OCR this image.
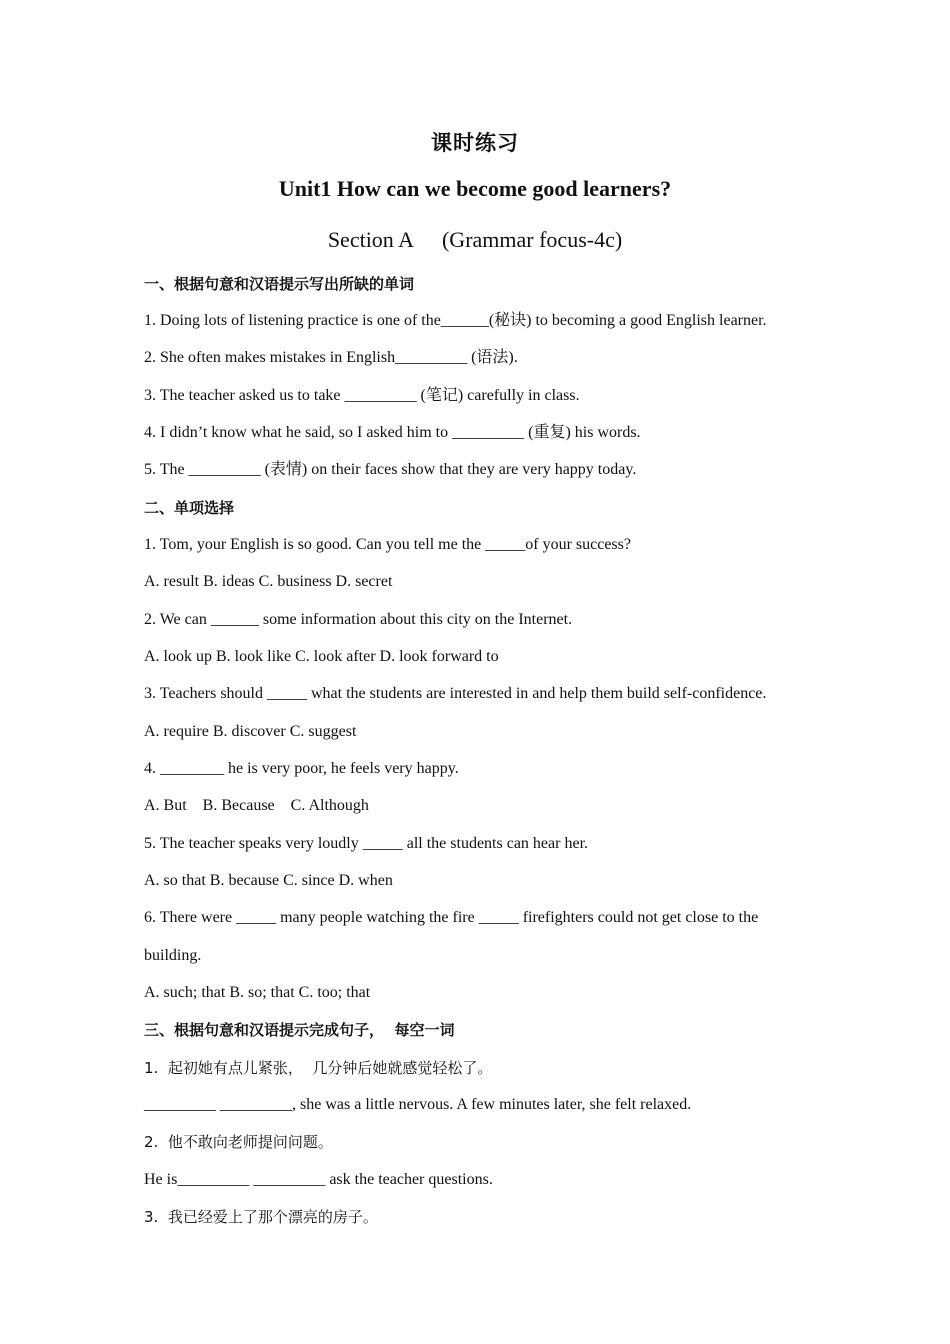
课时练习
Unit1 How can we become good learners?
Section A (Grammar focus-4c)
一、根据句意和汉语提示写出所缺的单词
1. Doing lots of listening practice is one of the______(秘诀) to becoming a good English learner.
2. She often makes mistakes in English_________ (语法).
3. The teacher asked us to take _________ (笔记) carefully in class.
4. I didn’t know what he said, so I asked him to _________ (重复) his words.
5. The _________ (表情) on their faces show that they are very happy today.
二、单项选择
1. Tom, your English is so good. Can you tell me the _____of your success?
A. result B. ideas C. business D. secret
2. We can ______ some information about this city on the Internet.
A. look up B. look like C. look after D. look forward to
3. Teachers should _____ what the students are interested in and help them build self-confidence.
A. require B. discover C. suggest
4. ________ he is very poor, he feels very happy.
A. But    B. Because    C. Although
5. The teacher speaks very loudly _____ all the students can hear her.
A. so that B. because C. since D. when
6. There were _____ many people watching the fire _____ firefighters could not get close to the
building.
A. such; that B. so; that C. too; that
三、根据句意和汉语提示完成句子，  每空一词
1.  起初她有点儿紧张，  几分钟后她就感觉轻松了。
_________ _________, she was a little nervous. A few minutes later, she felt relaxed.
2.  他不敢向老师提问问题。
He is_________ _________ ask the teacher questions.
3.  我已经爱上了那个漂亮的房子。
